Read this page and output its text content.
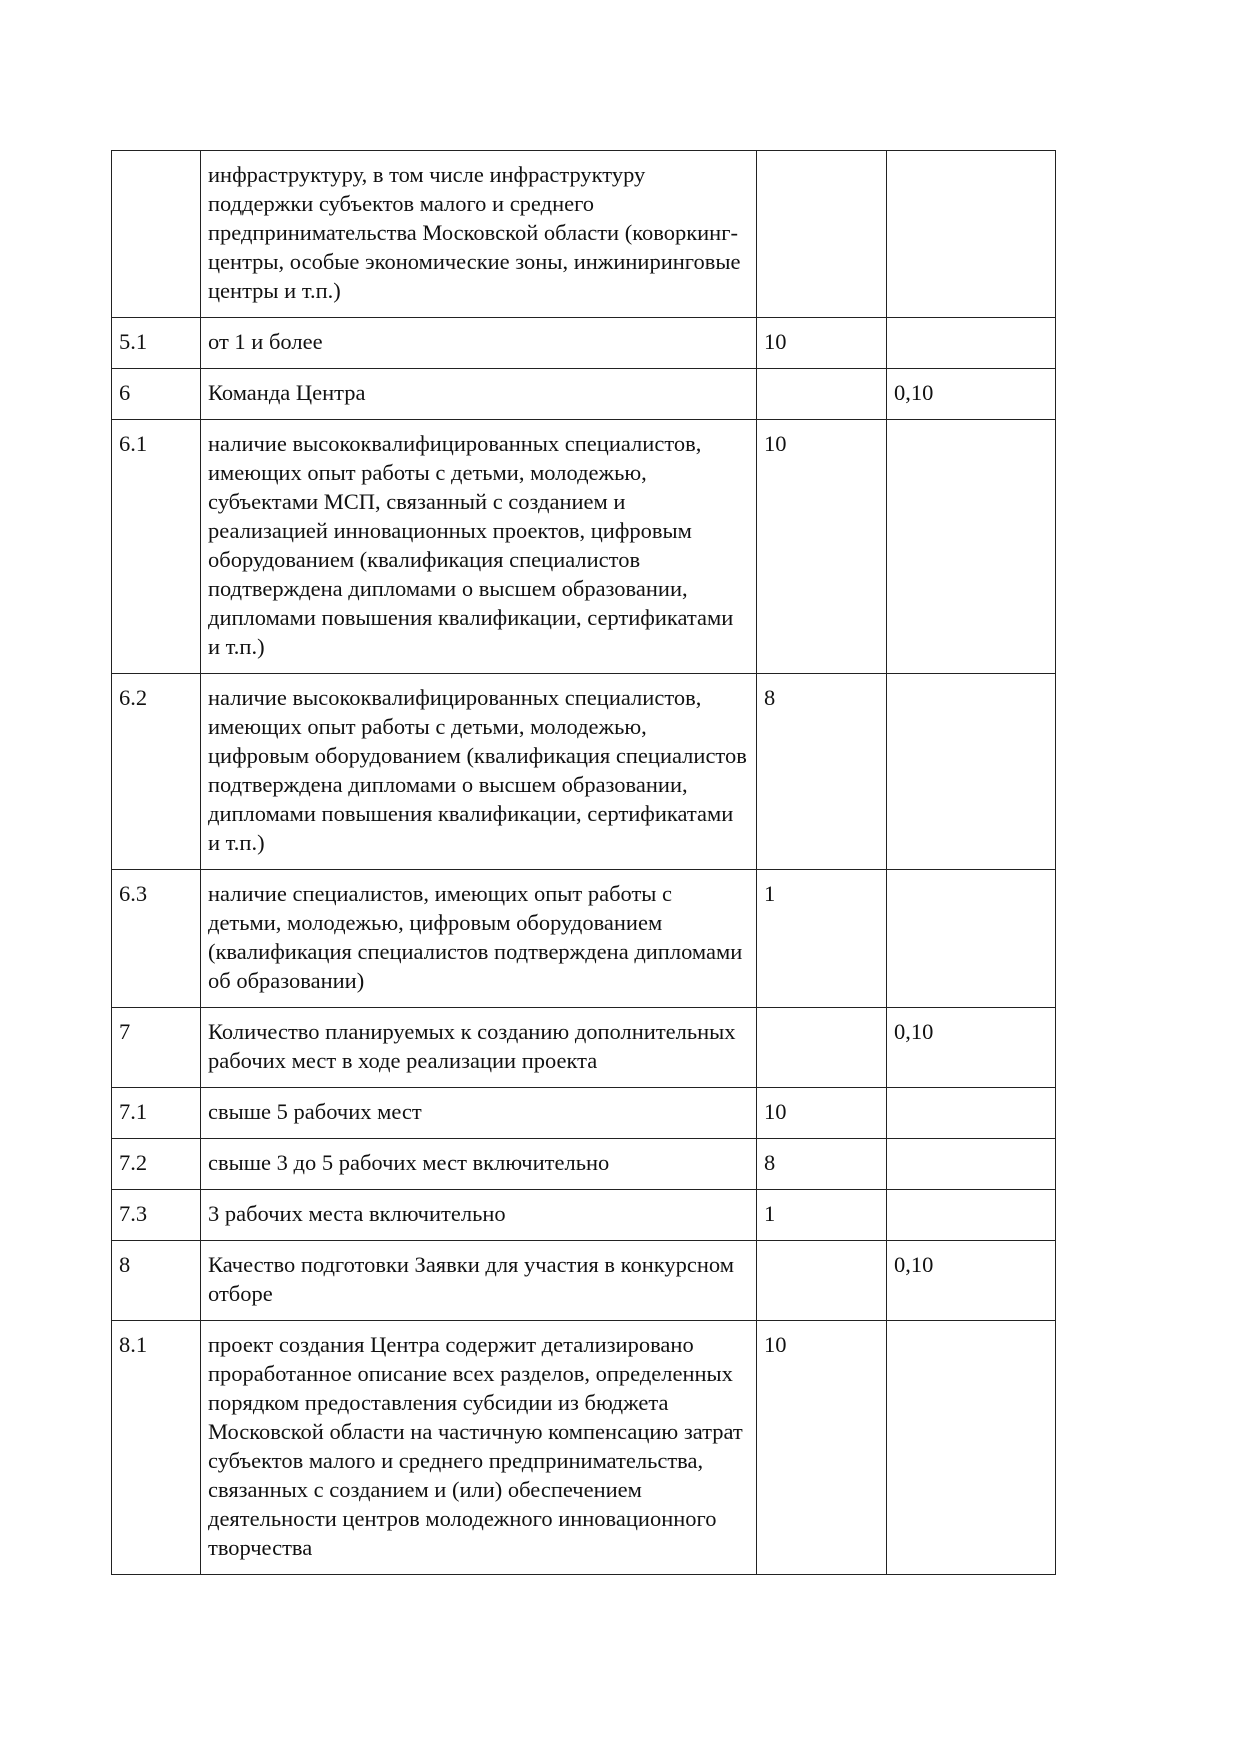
	инфраструктуру, в том числе инфраструктуру поддержки субъектов малого и среднего предпринимательства Московской области (коворкинг-центры, особые экономические зоны, инжиниринговые центры и т.п.)		
5.1	от 1 и более	10	
6	Команда Центра		0,10
6.1	наличие высококвалифицированных специалистов, имеющих опыт работы с детьми, молодежью, субъектами МСП, связанный с созданием и реализацией инновационных проектов, цифровым оборудованием (квалификация специалистов подтверждена дипломами о высшем образовании, дипломами повышения квалификации, сертификатами и т.п.)	10	
6.2	наличие высококвалифицированных специалистов, имеющих опыт работы с детьми, молодежью, цифровым оборудованием (квалификация специалистов подтверждена дипломами о высшем образовании, дипломами повышения квалификации, сертификатами и т.п.)	8	
6.3	наличие специалистов, имеющих опыт работы с детьми, молодежью, цифровым оборудованием (квалификация специалистов подтверждена дипломами об образовании)	1	
7	Количество планируемых к созданию дополнительных рабочих мест в ходе реализации проекта		0,10
7.1	свыше 5 рабочих мест	10	
7.2	свыше 3 до 5 рабочих мест включительно	8	
7.3	3 рабочих места включительно	1	
8	Качество подготовки Заявки для участия в конкурсном отборе		0,10
8.1	проект создания Центра содержит детализировано проработанное описание всех разделов, определенных порядком предоставления субсидии из бюджета Московской области на частичную компенсацию затрат субъектов малого и среднего предпринимательства, связанных с созданием и (или) обеспечением деятельности центров молодежного инновационного творчества	10	
